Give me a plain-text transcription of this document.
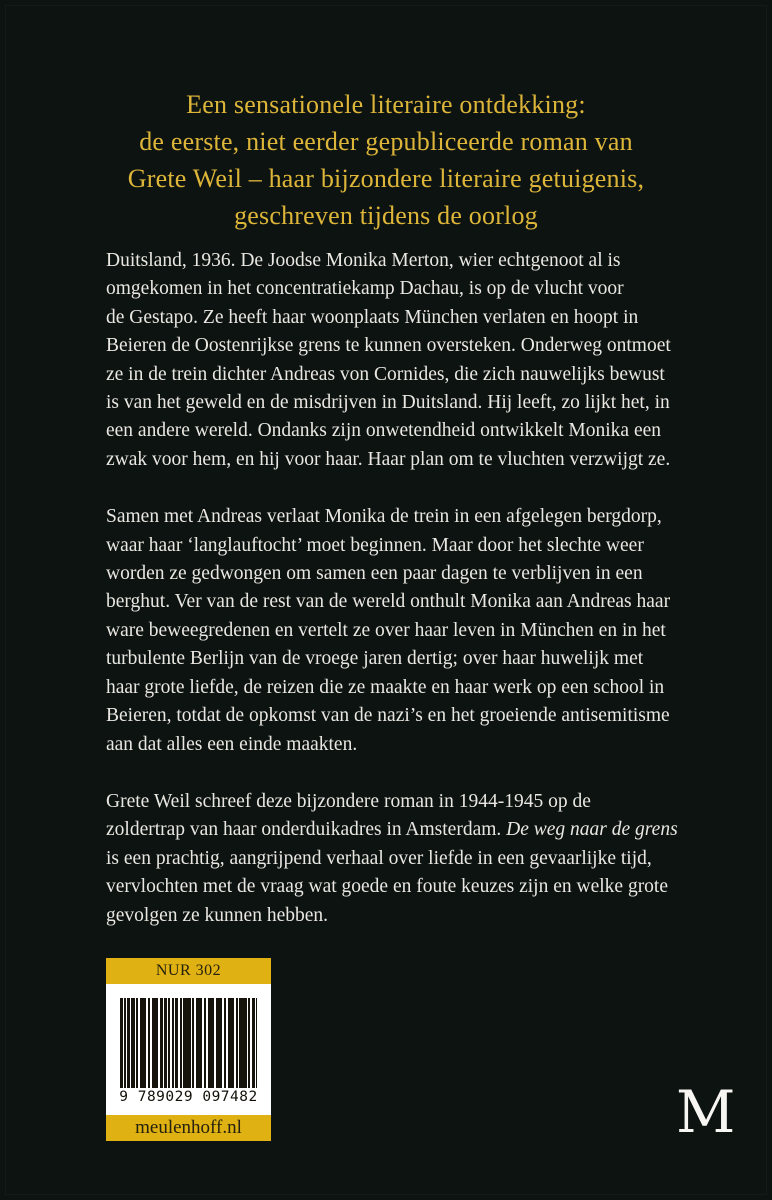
Een sensationele literaire ontdekking:
de eerste, niet eerder gepubliceerde roman van
Grete Weil – haar bijzondere literaire getuigenis,
geschreven tijdens de oorlog
Duitsland, 1936. De Joodse Monika Merton, wier echtgenoot al is
omgekomen in het concentratiekamp Dachau, is op de vlucht voor
de Gestapo. Ze heeft haar woonplaats München verlaten en hoopt in
Beieren de Oostenrijkse grens te kunnen oversteken. Onderweg ontmoet
ze in de trein dichter Andreas von Cornides, die zich nauwelijks bewust
is van het geweld en de misdrijven in Duitsland. Hij leeft, zo lijkt het, in
een andere wereld. Ondanks zijn onwetendheid ontwikkelt Monika een
zwak voor hem, en hij voor haar. Haar plan om te vluchten verzwijgt ze.
Samen met Andreas verlaat Monika de trein in een afgelegen bergdorp,
waar haar ‘langlauftocht’ moet beginnen. Maar door het slechte weer
worden ze gedwongen om samen een paar dagen te verblijven in een
berghut. Ver van de rest van de wereld onthult Monika aan Andreas haar
ware beweegredenen en vertelt ze over haar leven in München en in het
turbulente Berlijn van de vroege jaren dertig; over haar huwelijk met
haar grote liefde, de reizen die ze maakte en haar werk op een school in
Beieren, totdat de opkomst van de nazi’s en het groeiende antisemitisme
aan dat alles een einde maakten.
Grete Weil schreef deze bijzondere roman in 1944-1945 op de
zoldertrap van haar onderduikadres in Amsterdam. De weg naar de grens
is een prachtig, aangrijpend verhaal over liefde in een gevaarlijke tijd,
vervlochten met de vraag wat goede en foute keuzes zijn en welke grote
gevolgen ze kunnen hebben.
NUR 302
9 789029 097482
meulenhoff.nl	M
